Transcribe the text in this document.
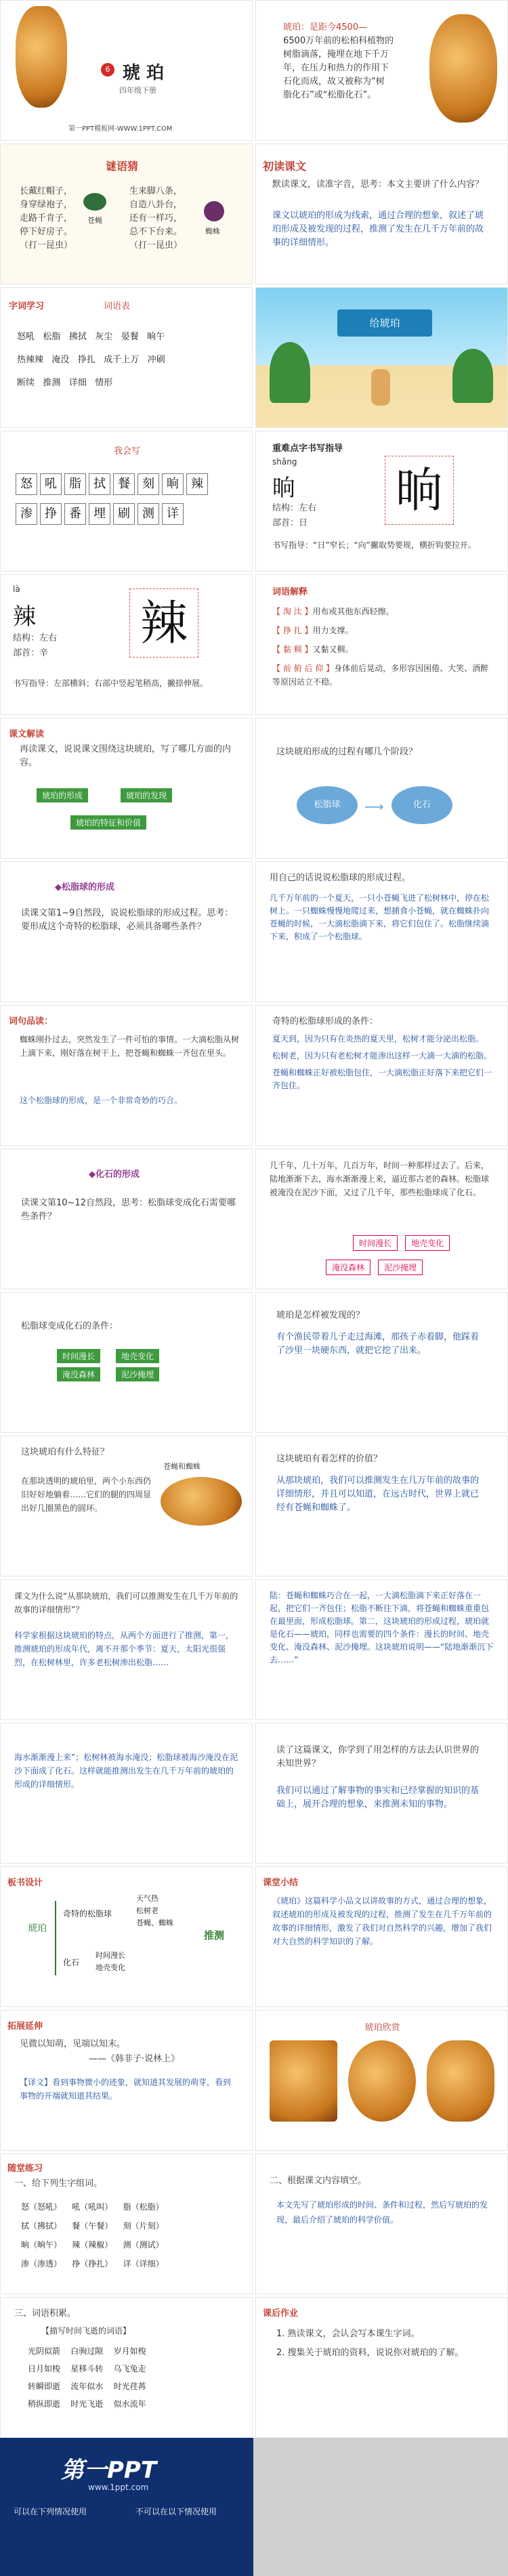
6 琥 珀
四年级下册
第一PPT模板网-WWW.1PPT.COM
琥珀：是距今4500—
6500万年前的松柏科植物的
树脂滴落，掩埋在地下千万
年，在压力和热力的作用下
石化而成，故又被称为“树
脂化石”或“松脂化石”。
谜语猜
长戴红帽子，
身穿绿袍子，
走路千肯子，
停下好房子。
（打一昆虫）
苍蝇
生来脚八条，
自造八卦台，
还有一样巧，
总不下台来。
（打一昆虫）
蜘蛛
初读课文
默读课文，读准字音，思考：本文主要讲了什么内容？
课文以琥珀的形成为线索，通过合理的想象，叙述了琥珀形成及被发现的过程，推测了发生在几千万年前的故事的详细情形。
字词学习	词语表
怒吼 松脂 拂拭 灰尘 晏餐 晌午
热辣辣 淹没 挣扎 成千上万 冲刷
断续 推测 详细 情形
给琥珀
我会写
怒 吼 脂 拭 餐 刻 晌 辣
渗 挣 番 埋 刷 测 详
重难点字书写指导
shǎng
晌
结构：左右
部首：日
晌
书写指导：“日”窄长；“向”撇取势要规，横折钩要拉开。
là
辣
结构：左右
部首：辛
辣
书写指导：左部横斜；右部中竖起笔稍高，撇捺伸展。
词语解释
【 淘 汰 】用布或其他东西轻擦。
【 挣 扎 】用力支撑。
【 黏 稠 】又黏又稠。
【 前 俯 后 仰 】身体前后晃动，多形容因困倦、大笑、酒醉等原因站立不稳。
课文解读
再读课文，说说课文围绕这块琥珀，写了哪几方面的内容。
琥珀的形成	琥珀的发现
琥珀的特征和价值
这块琥珀形成的过程有哪几个阶段？
松脂球	⟶	化石
◆松脂球的形成
读课文第1~9自然段，说说松脂球的形成过程。思考：要形成这个奇特的松脂球，必须具备哪些条件？
用自己的话说说松脂球的形成过程。
几千万年前的一个夏天，一只小苍蝇飞进了松树林中，停在松树上。一只蜘蛛慢慢地爬过来，想捕食小苍蝇，就在蜘蛛扑向苍蝇的时候，一大滴松脂滴下来，将它们包住了。松脂继续滴下来，积成了一个松脂球。
词句品读：
蜘蛛刚扑过去，突然发生了一件可怕的事情。一大滴松脂从树上滴下来，刚好落在树干上，把苍蝇和蜘蛛一齐包在里头。
这个松脂球的形成，是一个非常奇妙的巧合。
奇特的松脂球形成的条件：
夏天到，因为只有在炎热的夏天里，松树才能分泌出松脂。
松树老，因为只有老松树才能渗出这样一大滴一大滴的松脂。
苍蝇和蜘蛛正好被松脂包住，一大滴松脂正好落下来把它们一齐包住。
◆化石的形成
读课文第10~12自然段，思考：松脂球变成化石需要哪些条件？
几千年，几十万年，几百万年，时间一种那样过去了。后来，陆地渐渐下去，海水渐渐漫上来，逼近那古老的森林。松脂球被淹没在泥沙下面，又过了几千年，那些松脂球成了化石。
时间漫长 地壳变化
淹没森林 泥沙掩埋
松脂球变成化石的条件：
时间漫长	地壳变化
淹没森林	泥沙掩埋
琥珀是怎样被发现的？
有个渔民带着儿子走过海滩，那孩子赤着脚，他踩着了沙里一块硬东西，就把它挖了出来。
这块琥珀有什么特征？
在那块透明的琥珀里，两个小东西仍旧好好地躺着……它们的腿的四周显出好几圈黑色的圆环。
苍蝇和蜘蛛
这块琥珀有着怎样的价值？
从那块琥珀，我们可以推测发生在几万年前的故事的详细情形，并且可以知道，在远古时代，世界上就已经有苍蝇和蜘蛛了。
课文为什么说“从那块琥珀，我们可以推测发生在几千万年前的故事的详细情形”？
科学家根据这块琥珀的特点，从两个方面进行了推测，第一，推测琥珀的形成年代，离不开那个季节：夏天，太阳光很强烈，在松树林里，许多老松树渗出松脂……
陆：苍蝇和蜘蛛巧合在一起，一大滴松脂滴下来正好落在一起，把它们一齐包住；松脂不断往下滴，将苍蝇和蜘蛛重重包在最里面，形成松脂球。第二，这块琥珀的形成过程，琥珀就是化石——琥珀，同样也需要的四个条件：漫长的时间、地壳变化、淹没森林、泥沙掩埋。这块琥珀说明——“陆地渐渐沉下去……”
海水渐渐漫上来”；松树林被海水淹没；松脂球被海沙淹没在泥沙下面成了化石。这样就能推测出发生在几千万年前的琥珀的形成的详细情形。
读了这篇课文，你学到了用怎样的方法去认识世界的未知世界？
我们可以通过了解事物的事实和已经掌握的知识的基础上，展开合理的想象，来推测未知的事物。
板书设计
琥珀
奇特的松脂球
天气热
松树老
苍蝇、蜘蛛
化石
时间漫长
地壳变化
推测
课堂小结
《琥珀》这篇科学小品文以讲故事的方式，通过合理的想象，叙述琥珀的形成及被发现的过程，推测了发生在几千万年前的故事的详细情形，激发了我们对自然科学的兴趣，增加了我们对大自然的科学知识的了解。
拓展延伸
见微以知萌，见端以知末。
——《韩非子·说林上》
【译文】看到事物微小的迹象，就知道其发展的萌芽，看到事物的开端就知道其结果。
琥珀欣赏
随堂练习
一、给下列生字组词。
怒（怒吼） 吼（吼叫） 脂（松脂）
拭（拂拭） 餐（午餐） 刻（片刻）
晌（晌午） 辣（辣椒） 测（测试）
渗（渗透） 挣（挣扎） 详（详细）
二、根据课文内容填空。
本文先写了琥珀形成的时间、条件和过程，然后写琥珀的发现，最后介绍了琥珀的科学价值。
三、词语积累。
【描写时间飞逝的词语】
光阴似箭 白驹过隙 岁月如梭
日月如梭 星移斗转 乌飞兔走
转瞬即逝 流年似水 时光荏苒
稍纵即逝 时光飞逝 似水流年
课后作业
1. 熟读课文，会认会写本课生字词。
2. 搜集关于琥珀的资料，说说你对琥珀的了解。
第一PPT
www.1ppt.com
可以在下列情况使用	不可以在以下情况使用
